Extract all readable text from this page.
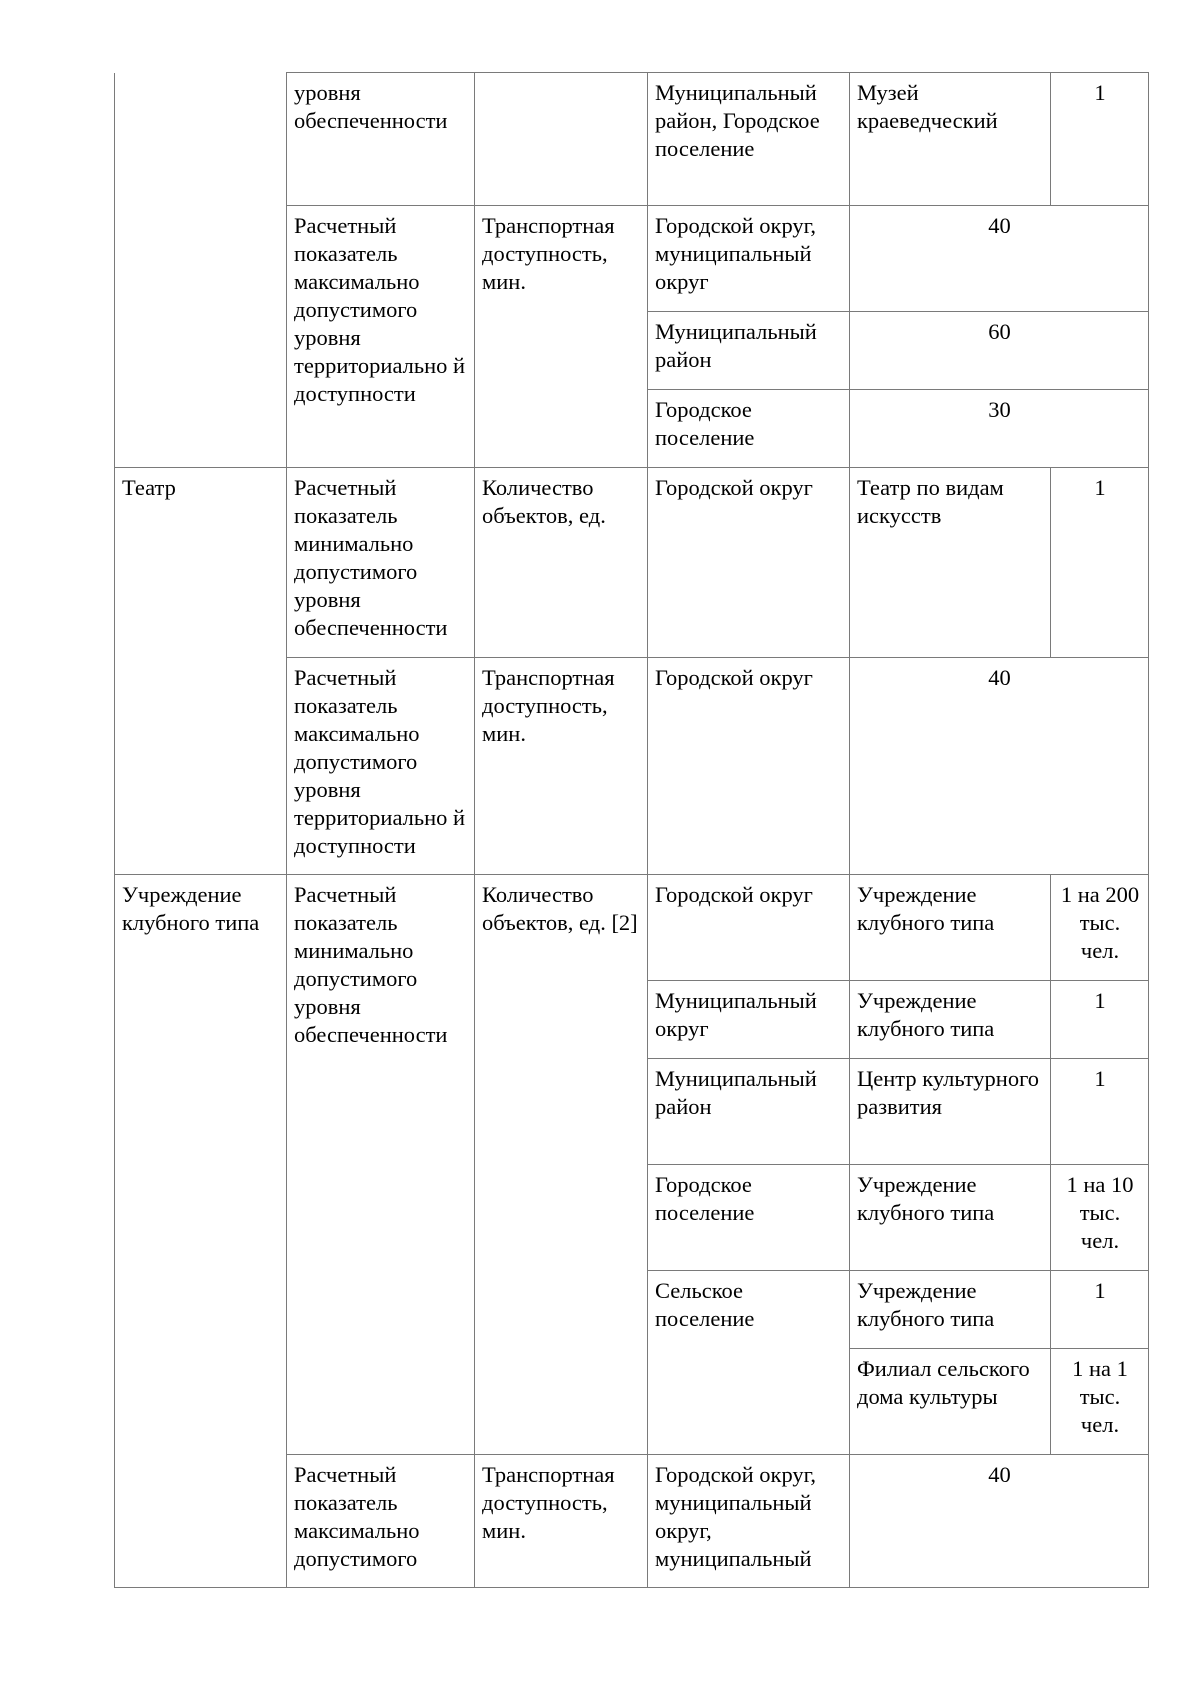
	уровня обеспеченности		Муниципальный район, Городское поселение	Музей краеведческий	1
	Расчетный показатель максимально допустимого уровня территориально й доступности	Транспортная доступность, мин.	Городской округ, муниципальный округ	40	
			Муниципальный район	60	
			Городское поселение	30	
Театр	Расчетный показатель минимально допустимого уровня обеспеченности	Количество объектов, ед.	Городской округ	Театр по видам искусств	1
	Расчетный показатель максимально допустимого уровня территориально й доступности	Транспортная доступность, мин.	Городской округ	40	
Учреждение клубного типа	Расчетный показатель минимально допустимого уровня обеспеченности	Количество объектов, ед. [2]	Городской округ	Учреждение клубного типа	1 на 200 тыс. чел.
			Муниципальный округ	Учреждение клубного типа	1
			Муниципальный район	Центр культурного развития	1
			Городское поселение	Учреждение клубного типа	1 на 10 тыс. чел.
			Сельское поселение	Учреждение клубного типа	1
				Филиал сельского дома культуры	1 на 1 тыс. чел.
	Расчетный показатель максимально допустимого	Транспортная доступность, мин.	Городской округ, муниципальный округ, муниципальный	40	
